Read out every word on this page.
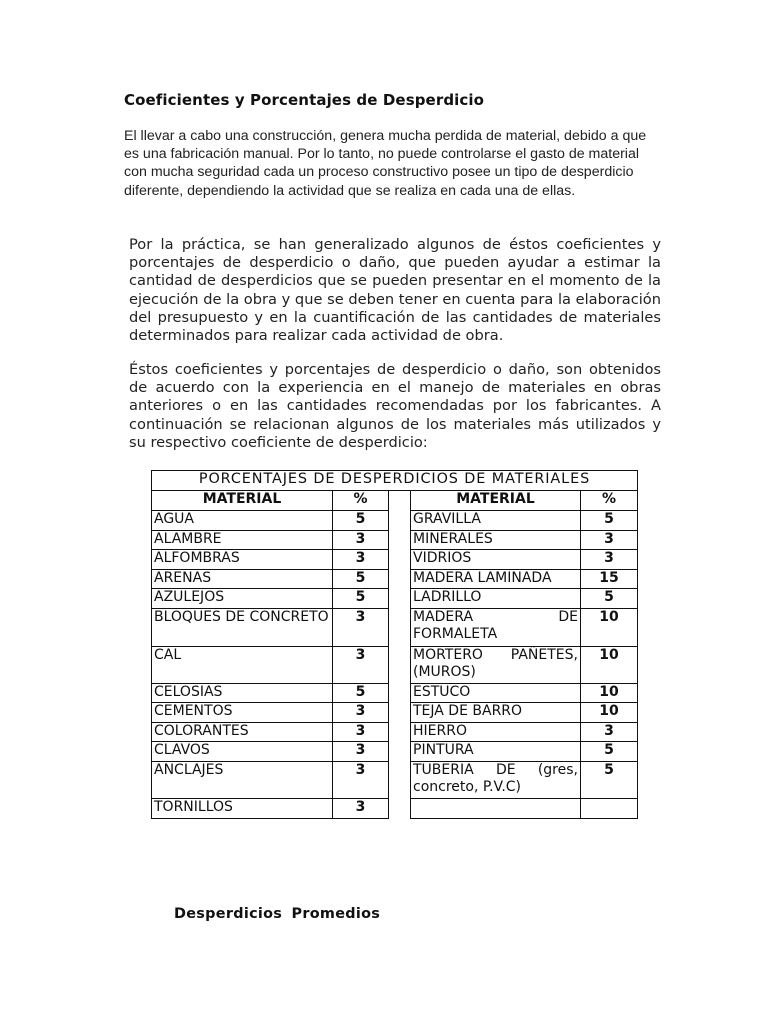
Coeficientes y Porcentajes de Desperdicio
El llevar a cabo una construcción, genera mucha perdida de material, debido a que es una fabricación manual. Por lo tanto, no puede controlarse el gasto de material con mucha seguridad cada un proceso constructivo posee un tipo de desperdicio diferente, dependiendo la actividad que se realiza en cada una de ellas.
Por la práctica, se han generalizado algunos de éstos coeficientes y porcentajes de desperdicio o daño, que pueden ayudar a estimar la cantidad de desperdicios que se pueden presentar en el momento de la ejecución de la obra y que se deben tener en cuenta para la elaboración del presupuesto y en la cuantificación de las cantidades de materiales determinados para realizar cada actividad de obra.
Éstos coeficientes y porcentajes de desperdicio o daño, son obtenidos de acuerdo con la experiencia en el manejo de materiales en obras anteriores o en las cantidades recomendadas por los fabricantes. A continuación se relacionan algunos de los materiales más utilizados y su respectivo coeficiente de desperdicio:
PORCENTAJES DE DESPERDICIOS DE MATERIALES				
MATERIAL	%		MATERIAL	%
AGUA	5		GRAVILLA	5
ALAMBRE	3		MINERALES	3
ALFOMBRAS	3		VIDRIOS	3
ARENAS	5		MADERA LAMINADA	15
AZULEJOS	5		LADRILLO	5
BLOQUES DE CONCRETO	3		MADERA DE FORMALETA	10
CAL	3		MORTERO PAÑETES, (MUROS)	10
CELOSIAS	5		ESTUCO	10
CEMENTOS	3		TEJA DE BARRO	10
COLORANTES	3		HIERRO	3
CLAVOS	3		PINTURA	5
ANCLAJES	3		TUBERIA DE (gres, concreto, P.V.C)	5
TORNILLOS	3			
Desperdicios Promedios
